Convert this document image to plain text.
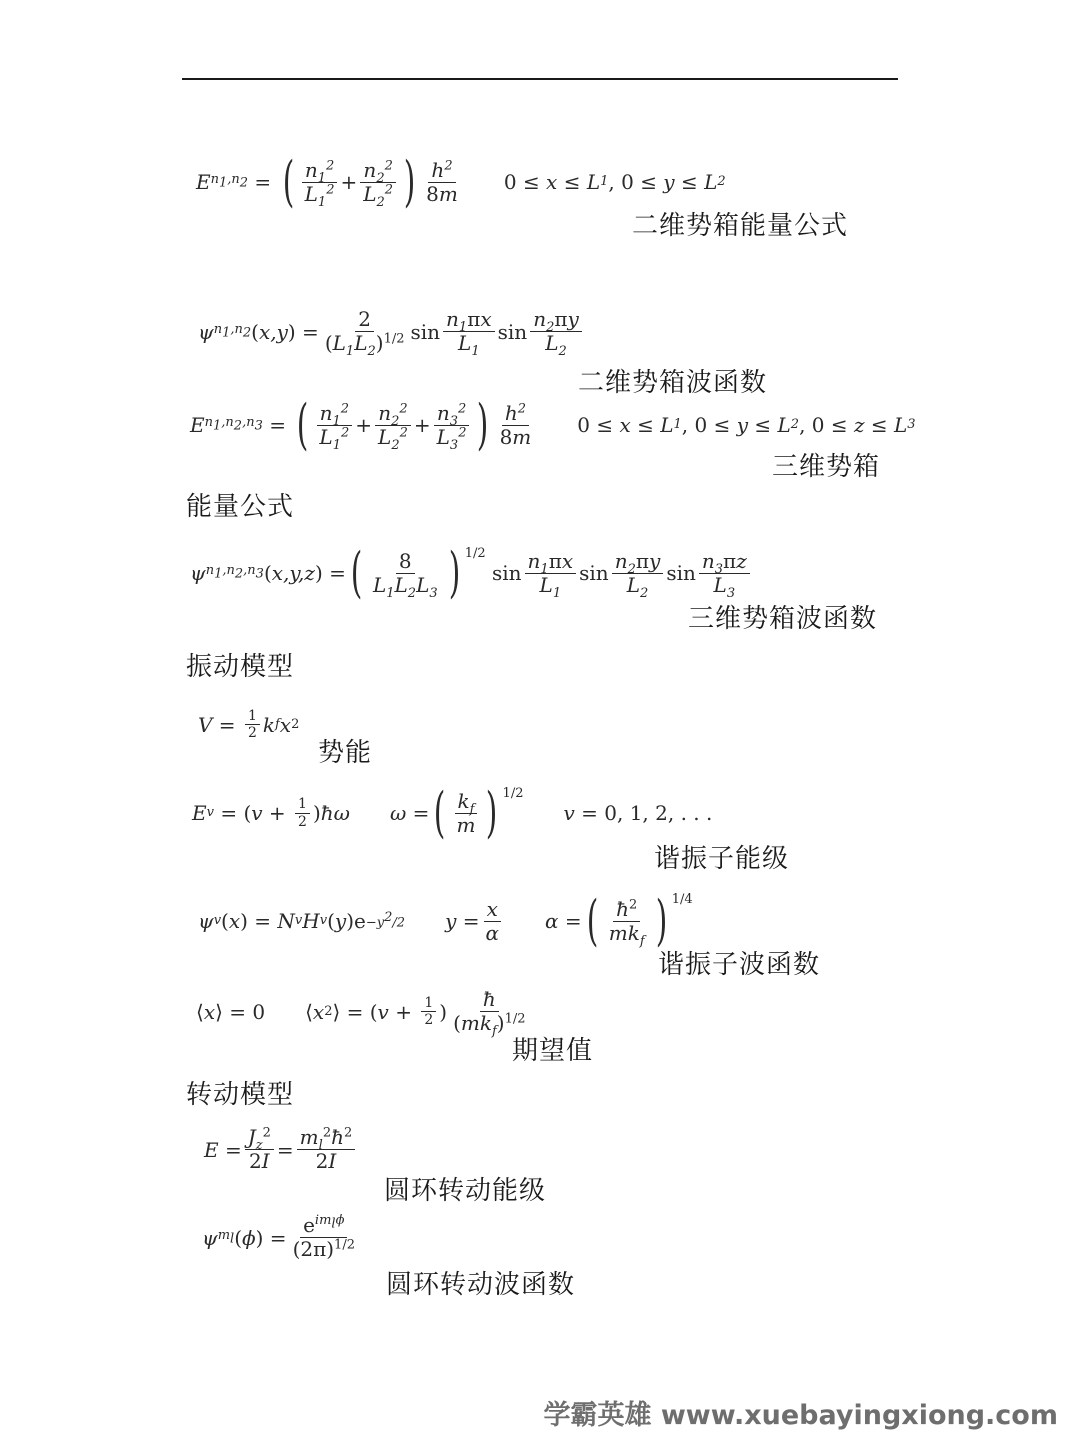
E $n_1,n_2$ = ( $\frac{n_1^2}{L_1^2} + \frac{n_2^2}{L_2^2}$ ) $\frac{h^2}{8m} 0 \le x \le L$ 1 , 0 ≤ y ≤ L 2
二维势箱能量公式
ψ $n_1,n_2$ ( x,y ) = $\frac{2}{(L_1L_2)^{1/2}}$ $\sin \frac{n_1\pi x}{L_1}$ $\sin \frac{n_2\pi y}{L_2}$
二维势箱波函数
E $n_1,n_2,n_3$ = ( $\frac{n_1^2}{L_1^2} + \frac{n_2^2}{L_2^2} + \frac{n_3^2}{L_3^2}$ ) $\frac{h^2}{8m} 0 \le x \le L$ 1 , 0 ≤ y ≤ L 2 , 0 ≤ z ≤ L 3
三维势箱
能量公式
ψ $n_1,n_2,n_3$ ( x,y,z ) = ( $\frac{8}{L_1L_2L_3}$ ) 1/2
$\sin \frac{n_1\pi x}{L_1}$ $\sin \frac{n_2\pi y}{L_2}$ $\sin \frac{n_3\pi z}{L_3}$
三维势箱波函数
振动模型
$V = \frac{1}{2}$ k f x 2
势能
E v = ( $v + \frac{1}{2}$ ) ħω
ω = ( $\frac{k_f}{m}$ ) 1/2
v = 0, 1, 2, . . .
谐振子能级
ψ v ( x ) = N v H v ( y ) $e -y^2/2$ $y = \frac{x}{\alpha}$ α = ( $\frac{ħ^2}{mk_f}$ ) 1/4
谐振子波函数
⟨ x ⟩ = 0 ⟨ x 2 ⟩ = ( $v + \frac{1}{2}$ ) $\frac{ħ}{(mk_f)^{1/2}}$
期望值
转动模型
$E = \frac{J_z^2}{2I} = \frac{m_l^2ħ^2}{2I}$
圆环转动能级
ψ $m_l$ ( ϕ ) = $\frac{e^{im_l\phi}}{(2\pi)^{1/2}}$
圆环转动波函数
学霸英雄 www.xuebayingxiong.com
